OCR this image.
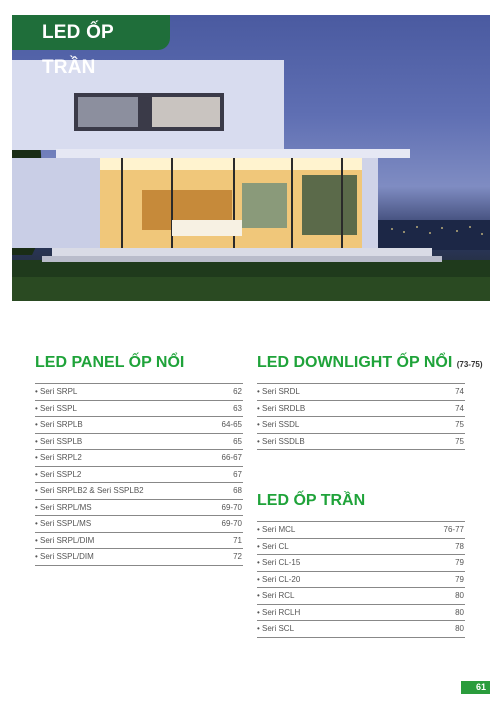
LED ỐP TRẦN
LED PANEL ỐP NỔI
• Seri SRPL	62
• Seri SSPL	63
• Seri SRPLB	64-65
• Seri SSPLB	65
• Seri SRPL2	66-67
• Seri SSPL2	67
• Seri SRPLB2 & Seri SSPLB2	68
• Seri SRPL/MS	69-70
• Seri SSPL/MS	69-70
• Seri SRPL/DIM	71
• Seri SSPL/DIM	72
LED DOWNLIGHT ỐP NỔI (73-75)
• Seri SRDL	74
• Seri SRDLB	74
• Seri SSDL	75
• Seri SSDLB	75
LED ỐP TRẦN
• Seri MCL	76-77
• Seri CL	78
• Seri CL-15	79
• Seri CL-20	79
• Seri RCL	80
• Seri RCLH	80
• Seri SCL	80
61
